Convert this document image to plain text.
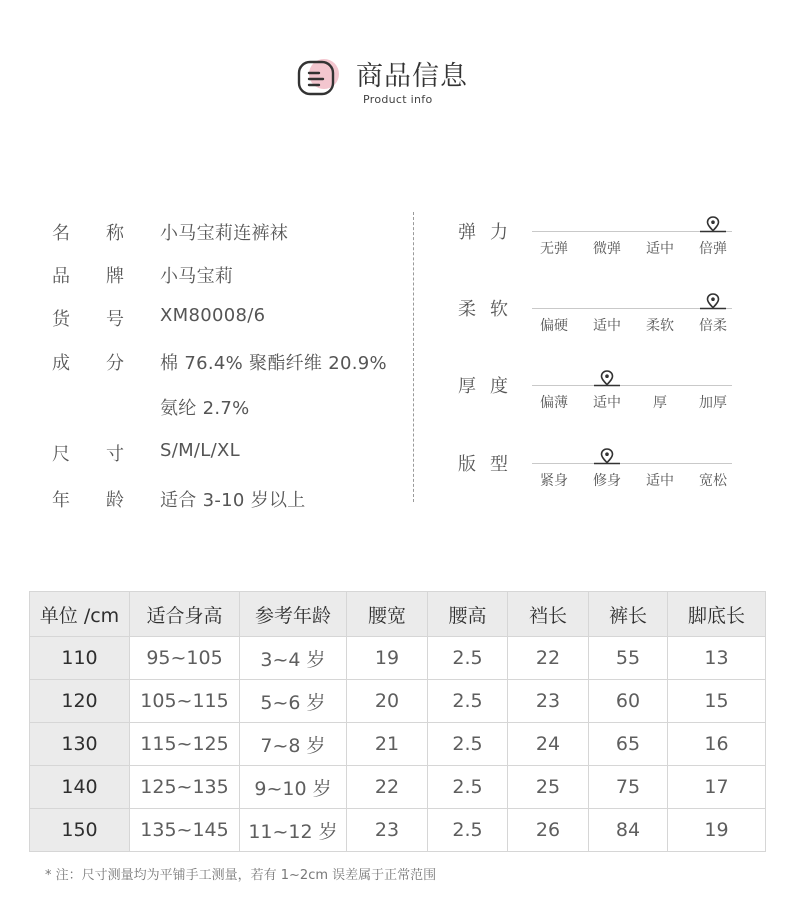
商品信息
Product info
名 称 小马宝莉连裤袜
品 牌 小马宝莉
货 号 XM80008/6
成 分 棉 76.4% 聚酯纤维 20.9%
氨纶 2.7%
尺 寸 S/M/L/XL
年 龄 适合 3-10 岁以上
弹 力
无弹	微弹	适中	倍弹
柔 软
偏硬	适中	柔软	倍柔
厚 度
偏薄	适中	厚	加厚
版 型
紧身	修身	适中	宽松
单位 /cm	适合身高	参考年龄	腰宽	腰高	裆长	裤长	脚底长
110	95~105	3~4 岁	19	2.5	22	55	13
120	105~115	5~6 岁	20	2.5	23	60	15
130	115~125	7~8 岁	21	2.5	24	65	16
140	125~135	9~10 岁	22	2.5	25	75	17
150	135~145	11~12 岁	23	2.5	26	84	19
* 注：尺寸测量均为平铺手工测量，若有 1~2cm 误差属于正常范围
